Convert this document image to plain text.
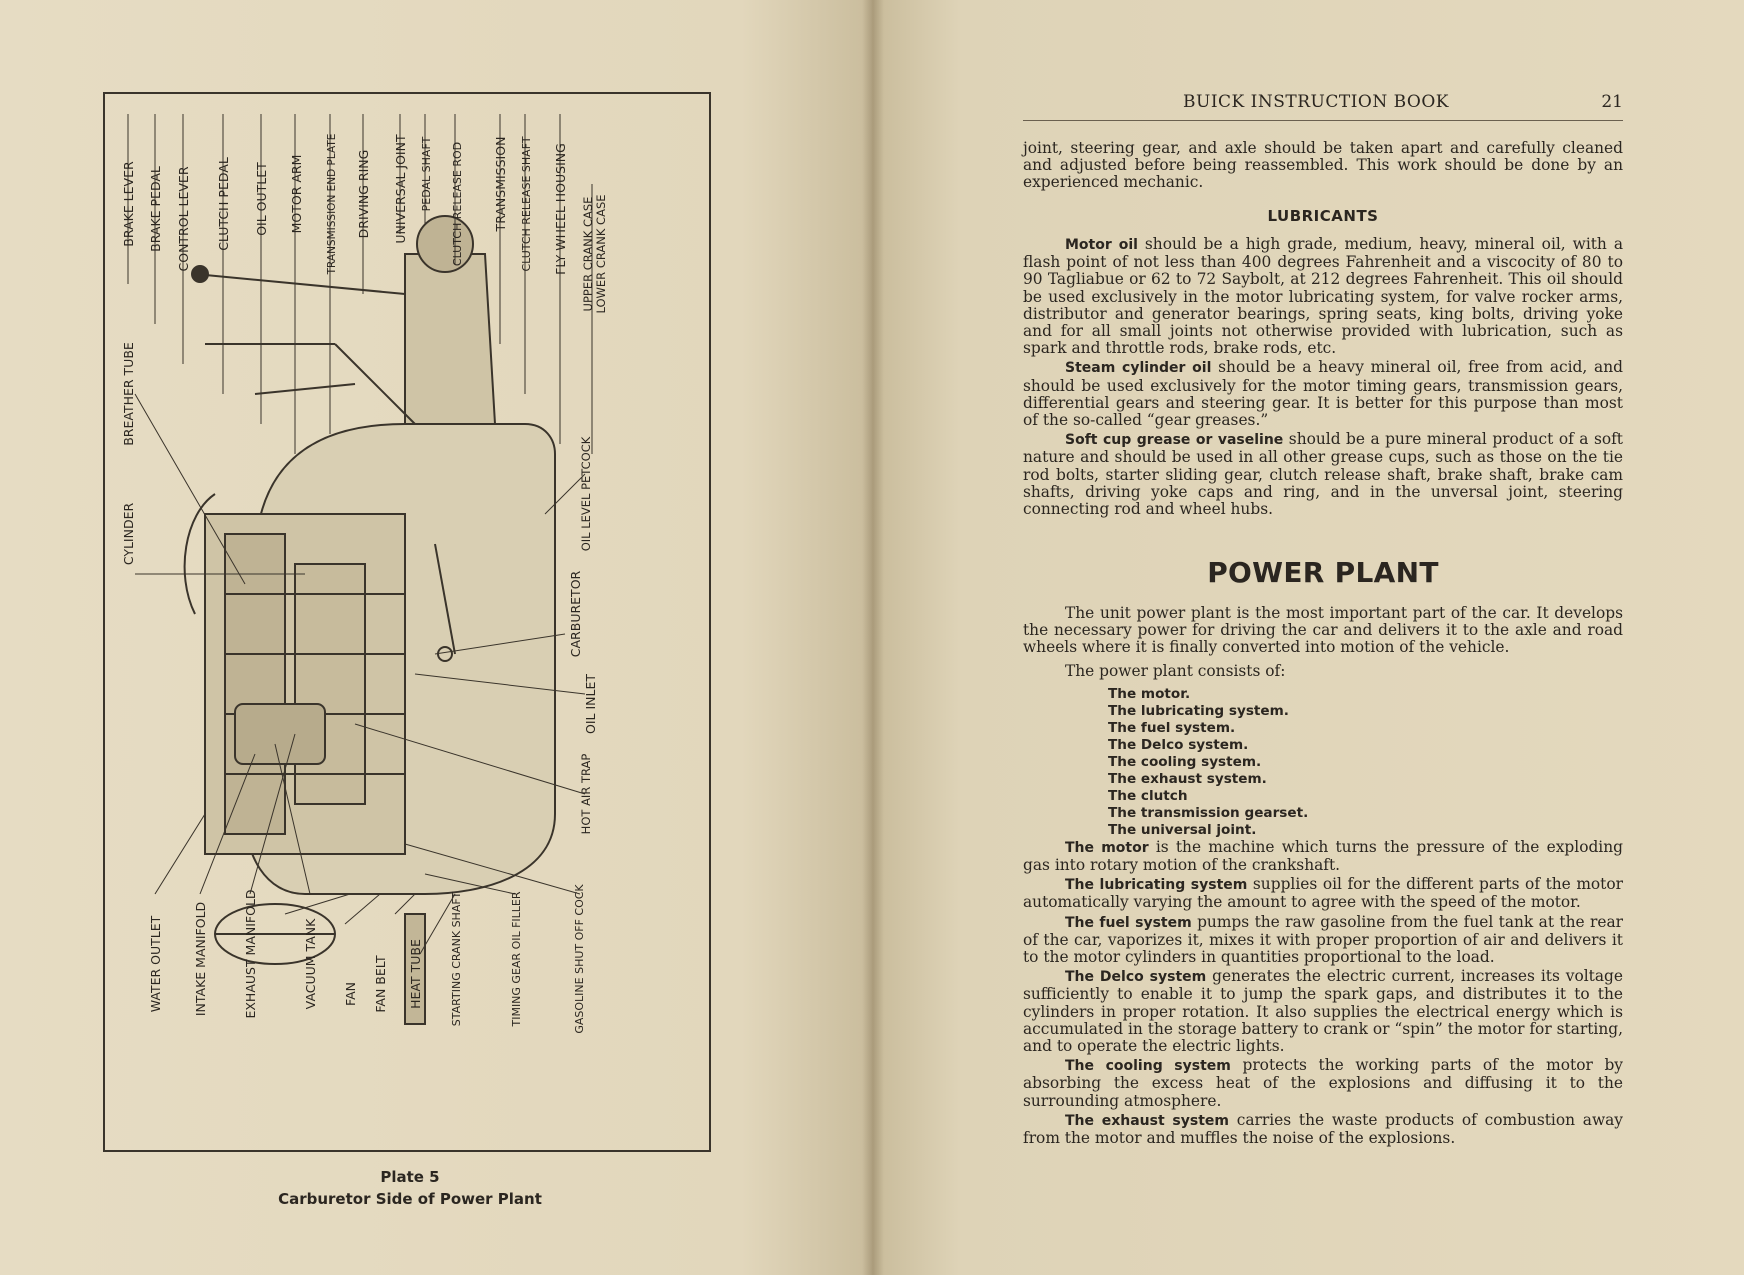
BRAKE LEVER BRAKE PEDAL CONTROL LEVER CLUTCH PEDAL OIL OUTLET MOTOR ARM TRANSMISSION END PLATE DRIVING RING UNIVERSAL JOINT PEDAL SHAFT CLUTCH RELEASE ROD TRANSMISSION CLUTCH RELEASE SHAFT FLY WHEEL HOUSING UPPER CRANK CASE LOWER CRANK CASE
BREATHER TUBE
CYLINDER	OIL LEVEL PETCOCK
CARBURETOR
OIL INLET
HOT AIR TRAP
WATER OUTLET INTAKE MANIFOLD	EXHAUST MANIFOLD	VACUUM TANK FAN FAN BELT HEAT TUBE STARTING CRANK SHAFT	TIMING GEAR OIL FILLER	GASOLINE SHUT OFF COCK
Plate 5
Carburetor Side of Power Plant
BUICK INSTRUCTION BOOK	21

joint, steering gear, and axle should be taken apart and carefully cleaned and adjusted before being reassembled. This work should be done by an experienced mechanic.

LUBRICANTS

Motor oil should be a high grade, medium, heavy, mineral oil, with a flash point of not less than 400 degrees Fahrenheit and a viscocity of 80 to 90 Tagliabue or 62 to 72 Saybolt, at 212 degrees Fahrenheit. This oil should be used exclusively in the motor lubricating system, for valve rocker arms, distributor and generator bearings, spring seats, king bolts, driving yoke and for all small joints not otherwise provided with lubrication, such as spark and throttle rods, brake rods, etc.

Steam cylinder oil should be a heavy mineral oil, free from acid, and should be used exclusively for the motor timing gears, transmission gears, differential gears and steering gear. It is better for this purpose than most of the so-called “gear greases.”

Soft cup grease or vaseline should be a pure mineral product of a soft nature and should be used in all other grease cups, such as those on the tie rod bolts, starter sliding gear, clutch release shaft, brake shaft, brake cam shafts, driving yoke caps and ring, and in the unversal joint, steering connecting rod and wheel hubs.

POWER PLANT

The unit power plant is the most important part of the car. It develops the necessary power for driving the car and delivers it to the axle and road wheels where it is finally converted into motion of the vehicle.

The power plant consists of:

The motor.
The lubricating system.
The fuel system.
The Delco system.
The cooling system.
The exhaust system.
The clutch
The transmission gearset.
The universal joint.

The motor is the machine which turns the pressure of the exploding gas into rotary motion of the crankshaft.

The lubricating system supplies oil for the different parts of the motor automatically varying the amount to agree with the speed of the motor.

The fuel system pumps the raw gasoline from the fuel tank at the rear of the car, vaporizes it, mixes it with proper proportion of air and delivers it to the motor cylinders in quantities proportional to the load.

The Delco system generates the electric current, increases its voltage sufficiently to enable it to jump the spark gaps, and distributes it to the cylinders in proper rotation. It also supplies the electrical energy which is accumulated in the storage battery to crank or “spin” the motor for starting, and to operate the electric lights.

The cooling system protects the working parts of the motor by absorbing the excess heat of the explosions and diffusing it to the surrounding atmosphere.

The exhaust system carries the waste products of combustion away from the motor and muffles the noise of the explosions.
